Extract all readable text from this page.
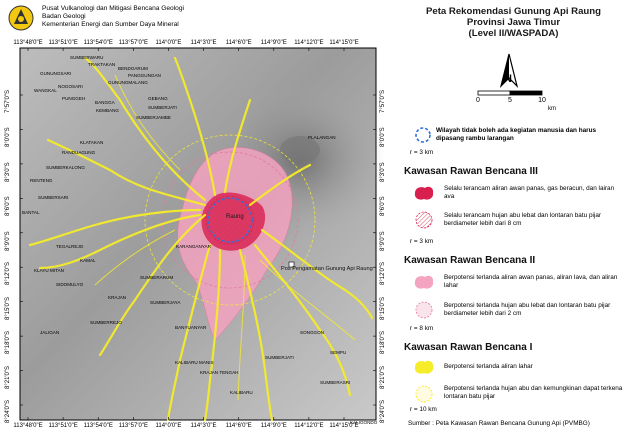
Pusat Vulkanologi dan Mitigasi Bencana Geologi
Badan Geologi
Kementerian Energi dan Sumber Daya Mineral
113°48'0"E 113°51'0"E 113°54'0"E 113°57'0"E 114°0'0"E 114°3'0"E 114°6'0"E 114°9'0"E 114°12'0"E 114°15'0"E
113°48'0"E 113°51'0"E 113°54'0"E 113°57'0"E 114°0'0"E 114°3'0"E 114°6'0"E 114°9'0"E 114°12'0"E 114°15'0"E
7°57'0"S
8°0'0"S
8°3'0"S
8°6'0"S
8°9'0"S
8°12'0"S
8°15'0"S
8°18'0"S
8°21'0"S
8°24'0"S
7°57'0"S
8°0'0"S
8°3'0"S
8°6'0"S
8°9'0"S
8°12'0"S
8°15'0"S
8°18'0"S
8°21'0"S
8°24'0"S
Raung
Pos Pengamatan Gunung Api Raung
SUMBERWARU
TRAKTAKAN
BENDOARUM
PANGGUNGAN
GUNUNGSARI
GUNUNGMALANG
NOGOSARI
WANGKAL
PUNGGEH
BANGGA
GEBANG
KEMBANG
SUMBERJATI
SUMBERJAMBE
KLATAKAN
RANDUAGUNG
SUMBERKALONG
RENTENG
SUMBERSARI
BANTAL
PLALANGAN
KARANGANYAR
TEGALREJO
KAMAL
SUMBERARUM
KRAJAN
KLAYU MITAN
SIDOMULYO
SUMBERJAYA
SUMBERREJO
JALIGAN
KRAJAN TENGAH
KALIBARU MANIS
SUMBERJATI
KALIBARU
SEMPU
KALIGONDO
SONGGON
BANYUANYAR
SUMBERASRI
Peta Rekomendasi Gunung Api Raung
Provinsi Jawa Timur
(Level II/WASPADA)
N
0	5	10
km
Wilayah tidak boleh ada kegiatan manusia dan harus dipasang rambu larangan
r = 3 km
Kawasan Rawan Bencana III
Selalu terancam aliran awan panas, gas beracun, dan lairan ava
Selalu terancam hujan abu lebat dan lontaran batu pijar berdiameter lebih dari 8 cm
r = 3 km
Kawasan Rawan Bencana II
Berpotensi terlanda aliran awan panas, aliran lava, dan aliran lahar
Berpotensi terlanda hujan abu lebat dan lontaran batu pijar berdiameter lebih dari 2 cm
r = 8 km
Kawasan Rawan Bencana I
Berpotensi terlanda aliran lahar
Berpotensi terlanda hujan abu dan kemungkinan dapat terkena lontaran batu pijar
r = 10 km
Sumber : Peta Kawasan Rawan Bencana Gunung Api (PVMBG)
